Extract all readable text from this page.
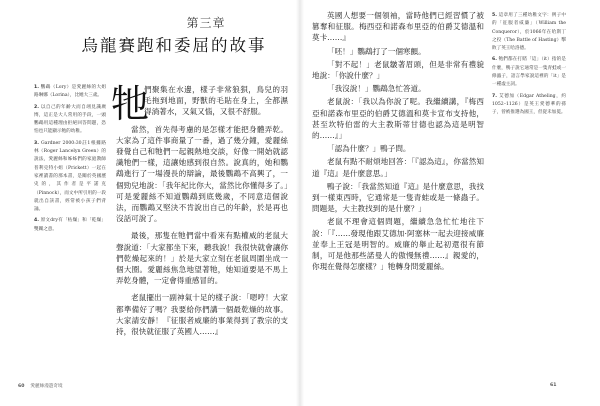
第三章
烏龍賽跑和委屈的故事

1. 鸚鵡（Lory）是愛麗絲的大姐路琳娜（Lorina），比她大三歲。

2. 以自己的年齡大而自翊見識廣博，這正是大人常用的手段，一頭鸚鵡用這種理由拒絕回答問題，恐怕也只能顯示牠的幼稚。

3. Gardner 2000:30註1根據路林（Roger Lancelyn Green）的說法，愛麗絲和姊姊們的家庭教師普利克特小姐（Prickett）一起在家裡讀書的那本書，是關於英國歷史的，其作者是平諾克（Pinnock），而文中所引用的一段就出自該書，經常被小孩子們背誦。

4. 原文dry有「枯燥」和「乾燥」雙關之意。

牠

們聚集在水邊，樣子非常狼狽，鳥兒的羽毛拖到地面，野獸的毛貼在身上，全都濕得淌著水，又氣又惱，又很不舒服。

當然，首先得考慮的是怎樣才能把身體弄乾。大家為了這件事商量了一番，過了幾分鐘，愛麗絲發覺自己和牠們一起親熱地交談，好像一開始就認識牠們一樣，這讓她感到很自然。說真的，她和鸚鵡進行了一場漫長的辯論，最後鸚鵡不高興了，一個勁兒地說：「我年紀比你大，當然比你懂得多了。」可是愛麗絲不知道鸚鵡到底幾歲，不同意這個說法，而鸚鵡又堅決不肯說出自己的年齡，於是再也沒話可說了。

最後，那隻在牠們當中看來有點權威的老鼠大聲說道：「大家都坐下來，聽我說！我很快就會讓你們乾燥起來的！」於是大家立刻在老鼠周圍坐成一個大圈。愛麗絲焦急地望著牠，她知道要是不馬上弄乾身體，一定會得重感冒的。

老鼠擺出一副神氣十足的樣子說：「嗯哼！大家都準備好了嗎？我要給你們講一個最乾燥的故事。大家請安靜！『征服者威廉的事業得到了教宗的支持，很快就征服了英國人……』

60 愛麗絲漫遊奇境

英國人想要一個領袖，當時他們已經習慣了被篡奪和征服。梅西亞和諾森布里亞的伯爵艾德溫和莫卡……』

「呸！」鸚鵡打了一個寒顫。

「對不起！」老鼠皺著眉頭，但是非常有禮貌地說：「你說什麼？」

「我沒說！」鸚鵡急忙答道。

老鼠說：「我以為你說了呢。我繼續講，『梅西亞和諾森布里亞的伯爵艾德溫和莫卡宣布支持他，甚至坎特伯雷的大主教斯蒂甘德也認為這是明智的……』」

「認為什麼？」鴨子問。

老鼠有點不耐煩地回答：「『認為這』，你當然知道『這』是什麼意思。」

鴨子說：「我當然知道『這』是什麼意思，我找到一樣東西時，它通常是一隻青蛙或是一條蟲子。問題是，大主教找到的是什麼？」

老鼠不理會這個問題，繼續急急忙忙地往下說：「『……發現他跟艾德加·阿塞林一起去迎接威廉並奉上王冠是明智的。威廉的舉止起初還很有節制，可是他那些諾曼人的傲慢無禮……』親愛的，你現在覺得怎麼樣？」牠轉身問愛麗絲。

5. 這章用了三種幼稚文字：例子中的「征服者威廉」（William the Conqueror），於1066年在哈斯丁之役（The Battle of Hasting）擊敗了英王哈洛德。

6. 牠們都在打賭「這」（it）指的是什麼，鴨子說它通常是一隻青蛙或一條蟲子，語言學家說這裡的「it」是一種虛主詞。

7. 艾德加（Edgar Atheling，約1052–1126）是英王愛德華的孫子，曾被推選為國王，但從未加冕。

61
